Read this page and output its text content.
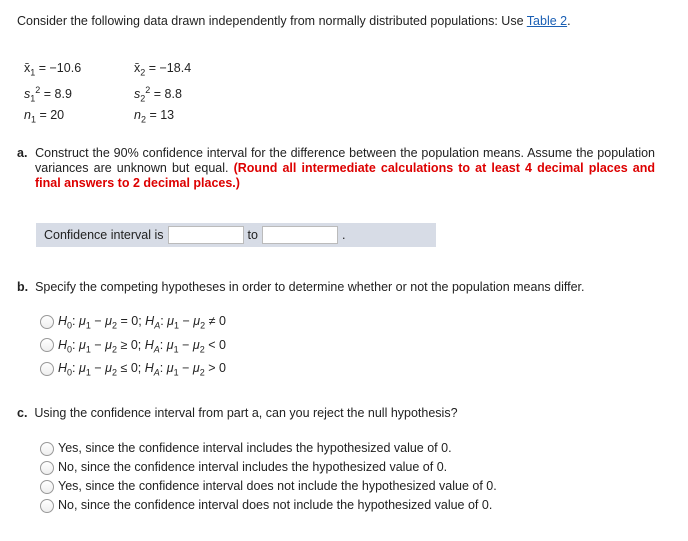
Consider the following data drawn independently from normally distributed populations: Use Table 2.
$x̄_1 = -10.6$
$s_1^2 = 8.9$
$n_1 = 20$
$x̄_2 = -18.4$
$s_2^2 = 8.8$
$n_2 = 13$
a. Construct the 90% confidence interval for the difference between the population means. Assume the population variances are unknown but equal. (Round all intermediate calculations to at least 4 decimal places and final answers to 2 decimal places.)
Confidence interval is	to	.
b. Specify the competing hypotheses in order to determine whether or not the population means differ.
$H_0$: $\mu_1 - \mu_2 = 0$; $H_A$: $\mu_1 - \mu_2 \ne 0$
$H_0$: $\mu_1 - \mu_2 \ge 0$; $H_A$: $\mu_1 - \mu_2 < 0$
$H_0$: $\mu_1 - \mu_2 \le 0$; $H_A$: $\mu_1 - \mu_2 > 0$
c. Using the confidence interval from part a, can you reject the null hypothesis?
Yes, since the confidence interval includes the hypothesized value of 0.
No, since the confidence interval includes the hypothesized value of 0.
Yes, since the confidence interval does not include the hypothesized value of 0.
No, since the confidence interval does not include the hypothesized value of 0.
